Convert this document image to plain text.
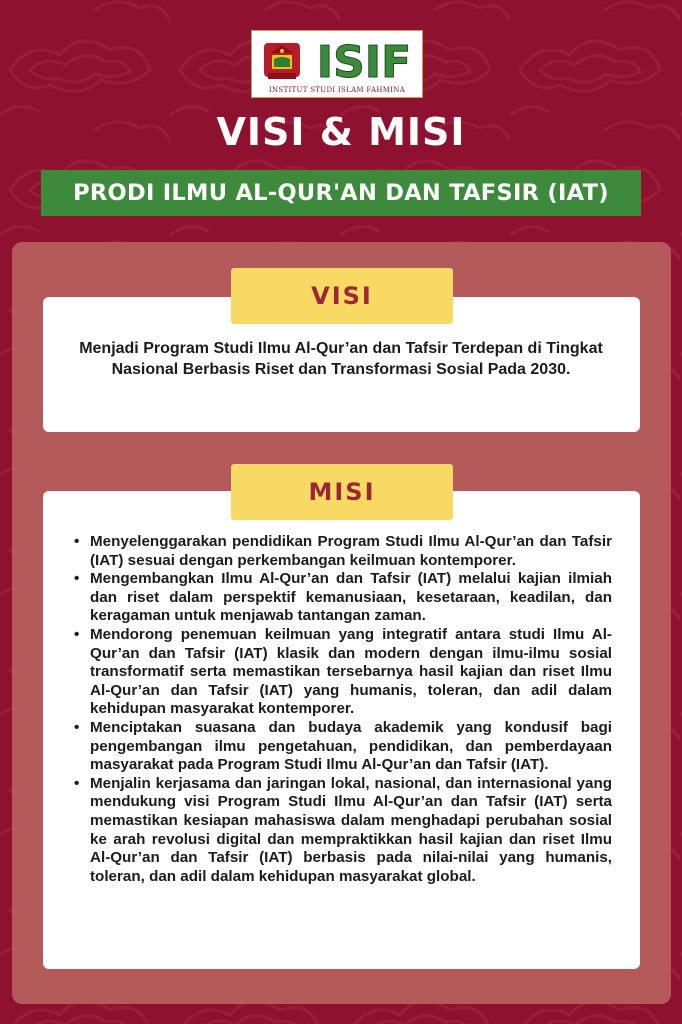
ISIF
INSTITUT STUDI ISLAM FAHMINA
VISI & MISI
PRODI ILMU AL-QUR'AN DAN TAFSIR (IAT)
VISI
Menjadi Program Studi Ilmu Al-Qur’an dan Tafsir Terdepan di Tingkat Nasional Berbasis Riset dan Transformasi Sosial Pada 2030.
MISI
• Menyelenggarakan pendidikan Program Studi Ilmu Al-Qur’an dan Tafsir (IAT) sesuai dengan perkembangan keilmuan kontemporer.
• Mengembangkan Ilmu Al-Qur’an dan Tafsir (IAT) melalui kajian ilmiah dan riset dalam perspektif kemanusiaan, kesetaraan, keadilan, dan keragaman untuk menjawab tantangan zaman.
• Mendorong penemuan keilmuan yang integratif antara studi Ilmu Al-Qur’an dan Tafsir (IAT) klasik dan modern dengan ilmu-ilmu sosial transformatif serta memastikan tersebarnya hasil kajian dan riset Ilmu Al-Qur’an dan Tafsir (IAT) yang humanis, toleran, dan adil dalam kehidupan masyarakat kontemporer.
• Menciptakan suasana dan budaya akademik yang kondusif bagi pengembangan ilmu pengetahuan, pendidikan, dan pemberdayaan masyarakat pada Program Studi Ilmu Al-Qur’an dan Tafsir (IAT).
• Menjalin kerjasama dan jaringan lokal, nasional, dan internasional yang mendukung visi Program Studi Ilmu Al-Qur’an dan Tafsir (IAT) serta memastikan kesiapan mahasiswa dalam menghadapi perubahan sosial ke arah revolusi digital dan mempraktikkan hasil kajian dan riset Ilmu Al-Qur’an dan Tafsir (IAT) berbasis pada nilai-nilai yang humanis, toleran, dan adil dalam kehidupan masyarakat global.
